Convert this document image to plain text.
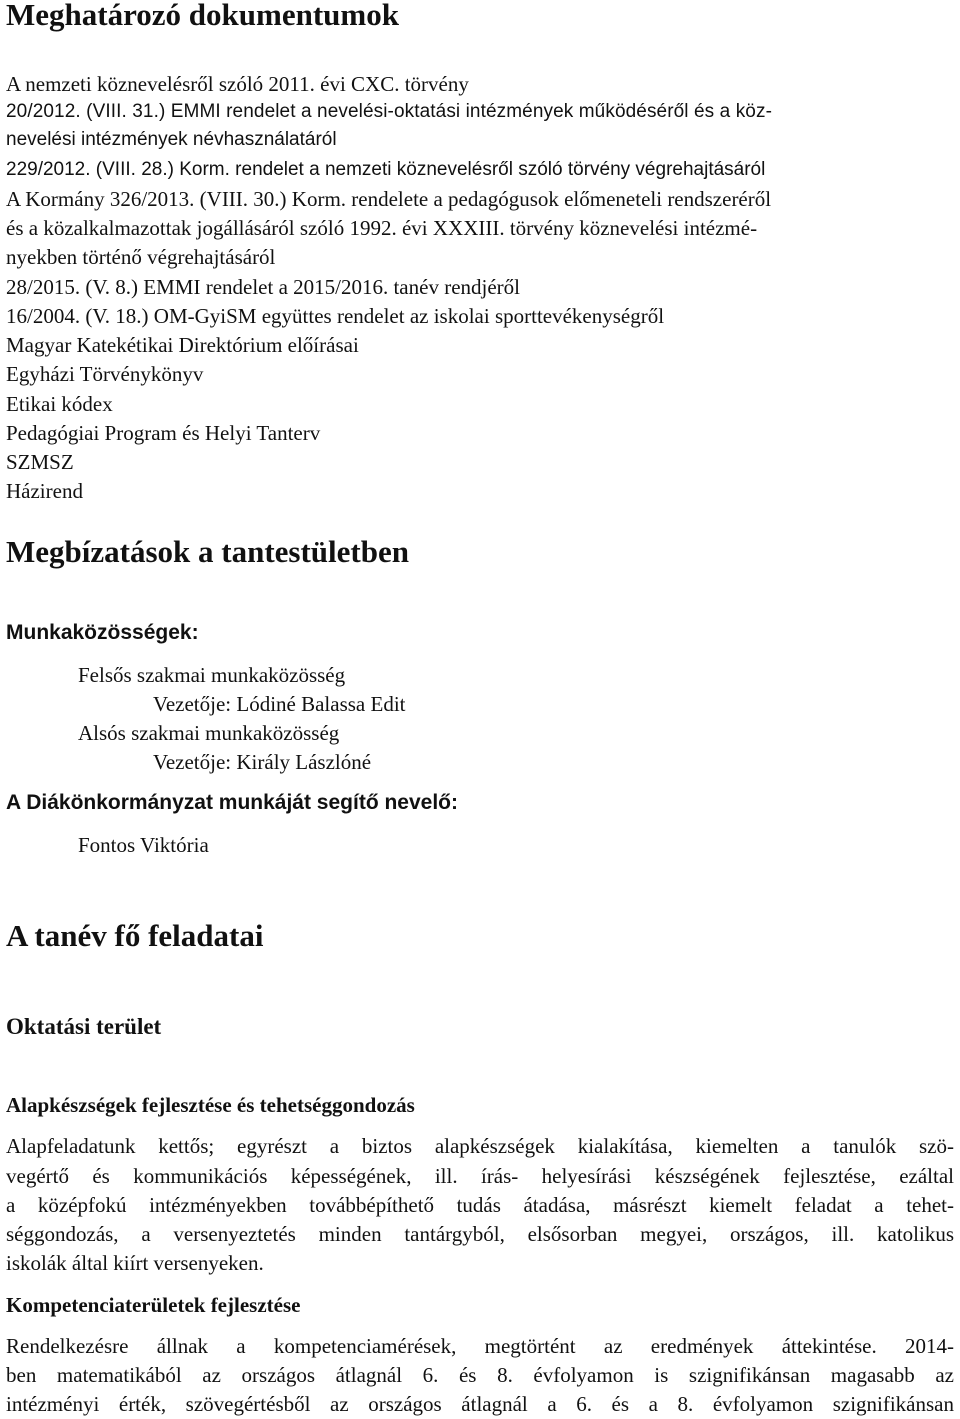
Meghatározó dokumentumok
A nemzeti köznevelésről szóló 2011. évi CXC. törvény
20/2012. (VIII. 31.) EMMI rendelet a nevelési-oktatási intézmények működéséről és a köz-
nevelési intézmények névhasználatáról
229/2012. (VIII. 28.) Korm. rendelet a nemzeti köznevelésről szóló törvény végrehajtásáról
A Kormány 326/2013. (VIII. 30.) Korm. rendelete a pedagógusok előmeneteli rendszeréről
és a közalkalmazottak jogállásáról szóló 1992. évi XXXIII. törvény köznevelési intézmé-
nyekben történő végrehajtásáról
28/2015. (V. 8.) EMMI rendelet a 2015/2016. tanév rendjéről
16/2004. (V. 18.) OM-GyiSM együttes rendelet az iskolai sporttevékenységről
Magyar Katekétikai Direktórium előírásai
Egyházi Törvénykönyv
Etikai kódex
Pedagógiai Program és Helyi Tanterv
SZMSZ
Házirend
Megbízatások a tantestületben
Munkaközösségek:
Felsős szakmai munkaközösség
Vezetője: Lódiné Balassa Edit
Alsós szakmai munkaközösség
Vezetője: Király Lászlóné
A Diákönkormányzat munkáját segítő nevelő:
Fontos Viktória
A tanév fő feladatai
Oktatási terület
Alapkészségek fejlesztése és tehetséggondozás
Alapfeladatunk kettős; egyrészt a biztos alapkészségek kialakítása, kiemelten a tanulók szö-
vegértő és kommunikációs képességének, ill. írás- helyesírási készségének fejlesztése, ezáltal
a középfokú intézményekben továbbépíthető tudás átadása, másrészt kiemelt feladat a tehet-
séggondozás, a versenyeztetés minden tantárgyból, elsősorban megyei, országos, ill. katolikus
iskolák által kiírt versenyeken.
Kompetenciaterületek fejlesztése
Rendelkezésre állnak a kompetenciamérések, megtörtént az eredmények áttekintése. 2014-
ben matematikából az országos átlagnál 6. és 8. évfolyamon is szignifikánsan magasabb az
intézményi érték, szövegértésből az országos átlagnál a 6. és a 8. évfolyamon szignifikánsan
